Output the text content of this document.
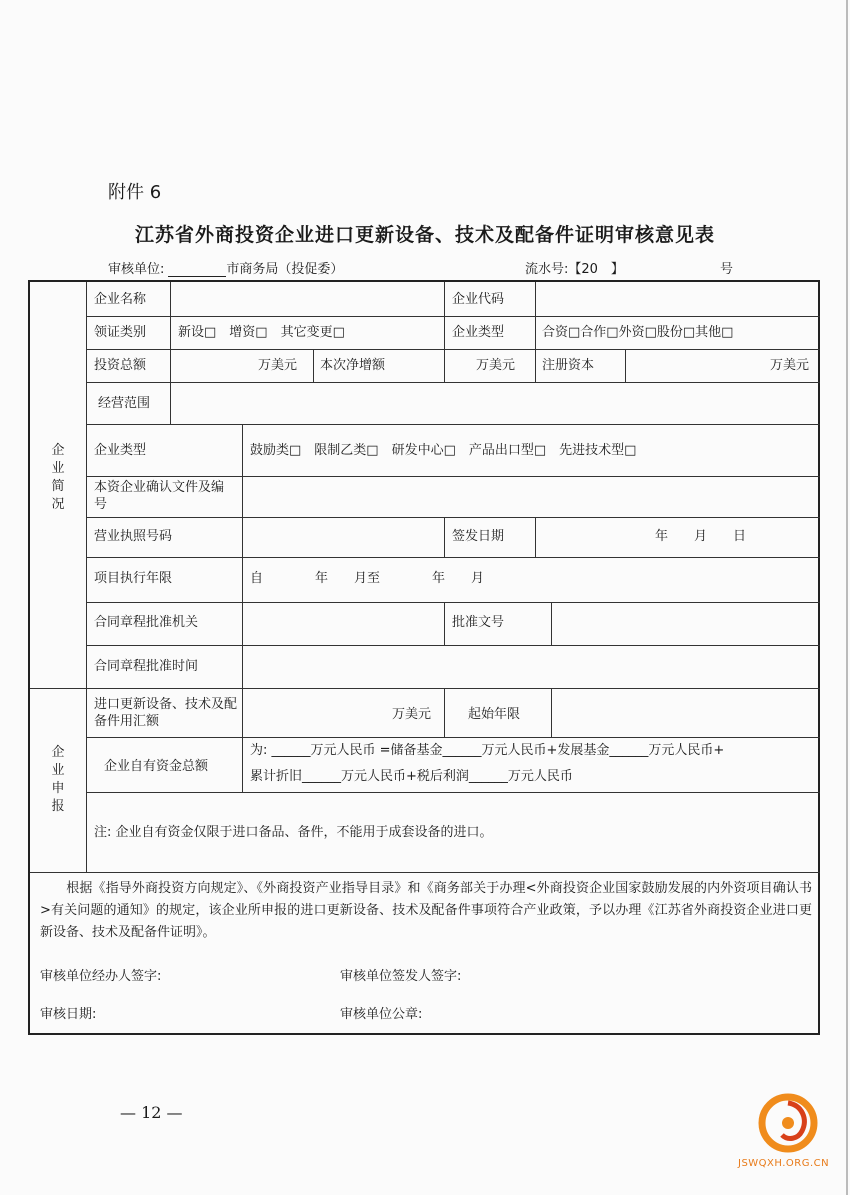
附件 6
江苏省外商投资企业进口更新设备、技术及配备件证明审核意见表
审核单位:	市商务局（投促委）	流水号:【20　】	号
企
业
简
况
企
业
申
报
企业名称	企业代码
领证类别 新设□　增资□　其它变更□	企业类型	合资□合作□外资□股份□其他□
投资总额	万美元 本次净增额	万美元 注册资本	万美元
经营范围
企业类型	鼓励类□　限制乙类□　研发中心□　产品出口型□　先进技术型□
本资企业确认文件及编号
营业执照号码	签发日期	年　　月　　日
项目执行年限	自　　　　年　　月至　　　　年　　月
合同章程批准机关	批准文号
合同章程批准时间
进口更新设备、技术及配备件用汇额	万美元	起始年限
企业自有资金总额
为: ______万元人民币 =储备基金______万元人民币+发展基金______万元人民币+
累计折旧______万元人民币+税后利润______万元人民币
注: 企业自有资金仅限于进口备品、备件，不能用于成套设备的进口。
　　根据《指导外商投资方向规定》、《外商投资产业指导目录》和《商务部关于办理<外商投资企业国家鼓励发展的内外资项目确认书>有关问题的通知》的规定，该企业所申报的进口更新设备、技术及配备件事项符合产业政策，予以办理《江苏省外商投资企业进口更新设备、技术及配备件证明》。
审核单位经办人签字:	审核单位签发人签字:
审核日期:	审核单位公章:
— 12 —
JSWQXH.ORG.CN
